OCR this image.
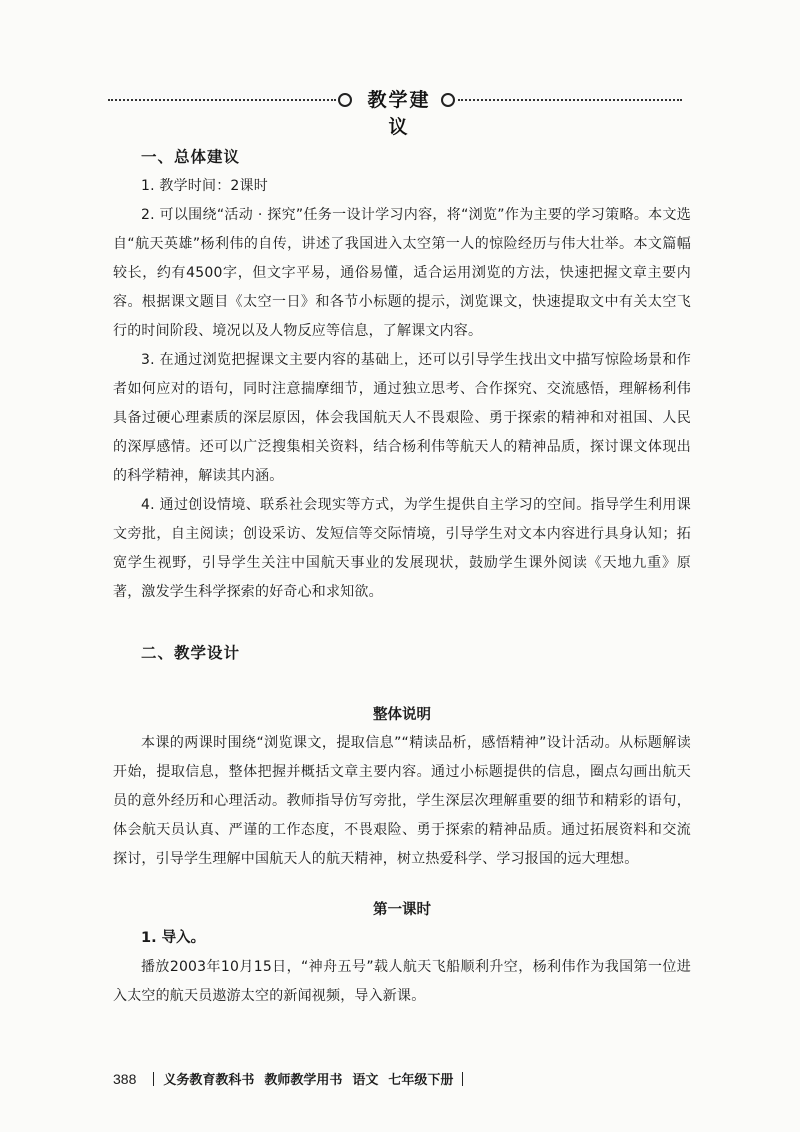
教学建议
一、总体建议

1. 教学时间：2课时

2. 可以围绕“活动 · 探究”任务一设计学习内容，将“浏览”作为主要的学习策略。本文选自“航天英雄”杨利伟的自传，讲述了我国进入太空第一人的惊险经历与伟大壮举。本文篇幅较长，约有4500字，但文字平易，通俗易懂，适合运用浏览的方法，快速把握文章主要内容。根据课文题目《太空一日》和各节小标题的提示，浏览课文，快速提取文中有关太空飞行的时间阶段、境况以及人物反应等信息，了解课文内容。

3. 在通过浏览把握课文主要内容的基础上，还可以引导学生找出文中描写惊险场景和作者如何应对的语句，同时注意揣摩细节，通过独立思考、合作探究、交流感悟，理解杨利伟具备过硬心理素质的深层原因，体会我国航天人不畏艰险、勇于探索的精神和对祖国、人民的深厚感情。还可以广泛搜集相关资料，结合杨利伟等航天人的精神品质，探讨课文体现出的科学精神，解读其内涵。

4. 通过创设情境、联系社会现实等方式，为学生提供自主学习的空间。指导学生利用课文旁批，自主阅读；创设采访、发短信等交际情境，引导学生对文本内容进行具身认知；拓宽学生视野，引导学生关注中国航天事业的发展现状，鼓励学生课外阅读《天地九重》原著，激发学生科学探索的好奇心和求知欲。

二、教学设计
整体说明

本课的两课时围绕“浏览课文，提取信息”“精读品析，感悟精神”设计活动。从标题解读开始，提取信息，整体把握并概括文章主要内容。通过小标题提供的信息，圈点勾画出航天员的意外经历和心理活动。教师指导仿写旁批，学生深层次理解重要的细节和精彩的语句，体会航天员认真、严谨的工作态度，不畏艰险、勇于探索的精神品质。通过拓展资料和交流探讨，引导学生理解中国航天人的航天精神，树立热爱科学、学习报国的远大理想。

第一课时
1. 导入。

播放2003年10月15日，“神舟五号”载人航天飞船顺利升空，杨利伟作为我国第一位进入太空的航天员遨游太空的新闻视频，导入新课。

388 义务教育教科书 教师教学用书 语文 七年级下册
